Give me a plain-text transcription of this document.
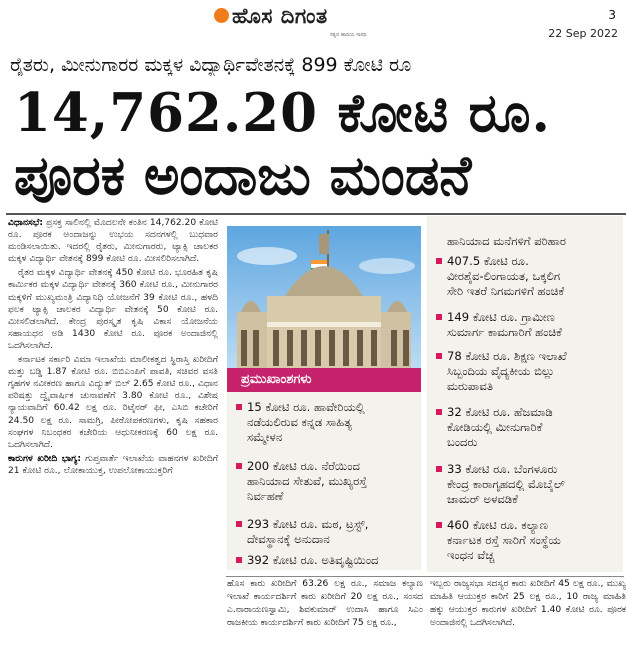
ಹೊಸ ದಿಗಂತ
ಸತ್ಯದ ಹಾದಿಯ ಸಾರಥಿ
3
22 Sep 2022
ರೈತರು, ಮೀನುಗಾರರ ಮಕ್ಕಳ ವಿದ್ಯಾರ್ಥಿವೇತನಕ್ಕೆ 899 ಕೋಟಿ ರೂ
14,762.20 ಕೋಟಿ ರೂ.
ಪೂರಕ ಅಂದಾಜು ಮಂಡನೆ

ವಿಧಾನಸಭೆ: ಪ್ರಸಕ್ತ ಸಾಲಿನಲ್ಲಿ ಮೊದಲನೇ ಕಂತಿನ 14,762.20 ಕೋಟಿ ರೂ. ಪೂರಕ ಅಂದಾಜನ್ನು ಉಭಯ ಸದನಗಳಲ್ಲಿ ಬುಧವಾರ ಮಂಡಿಸಲಾಯಿತು. ಇದರಲ್ಲಿ ರೈತರು, ಮೀನುಗಾರರು, ಟ್ಯಾಕ್ಸಿ ಚಾಲಕರ ಮಕ್ಕಳ ವಿದ್ಯಾರ್ಥಿ ವೇತನಕ್ಕೆ 899 ಕೋಟಿ ರೂ. ಮೀಸಲಿರಿಸಲಾಗಿದೆ.

ರೈತರ ಮಕ್ಕಳ ವಿದ್ಯಾರ್ಥಿ ವೇತನಕ್ಕೆ 450 ಕೋಟಿ ರೂ. ಭೂರಹಿತ ಕೃಷಿ ಕಾರ್ಮಿಕರ ಮಕ್ಕಳ ವಿದ್ಯಾರ್ಥಿ ವೇತನಕ್ಕೆ 360 ಕೋಟಿ ರೂ., ಮೀನುಗಾರರ ಮಕ್ಕಳಿಗೆ ಮುಖ್ಯಮಂತ್ರಿ ವಿದ್ಯಾನಿಧಿ ಯೋಜನೆಗೆ 39 ಕೋಟಿ ರೂ., ಹಳದಿ ಫಲಕ ಟ್ಯಾಕ್ಸಿ ಚಾಲಕರ ವಿದ್ಯಾರ್ಥಿ ವೇತನಕ್ಕೆ 50 ಕೋಟಿ ರೂ. ಮೀಸಲಿಡಲಾಗಿದೆ. ಕೇಂದ್ರ ಪುರಸ್ಕೃತ ಕೃಷಿ ವಿಕಾಸ ಯೋಜನೆಯ ಸಹಾಯಧನ ಅಡಿ 1430 ಕೋಟಿ ರೂ. ಪೂರಕ ಅಂದಾಜಿನಲ್ಲಿ ಒದಗಿಸಲಾಗಿದೆ.

ಕರ್ನಾಟಕ ಸರ್ಕಾರಿ ವಿಮಾ ಇಲಾಖೆಯ ಮಾಲೀಕತ್ವದ ಸ್ಥಿರಾಸ್ತಿ ಖರೀದಿಗೆ ಮತ್ತು ಬಡ್ಡಿ 1.87 ಕೋಟಿ ರೂ. ಬಿಬಿಎಂಪಿಗೆ ಪಾವತಿ, ಸಚಿವರ ವಸತಿ ಗೃಹಗಳ ನವೀಕರಣ ಹಾಗೂ ವಿದ್ಯುತ್ ಬಿಲ್ 2.65 ಕೋಟಿ ರೂ., ವಿಧಾನ ಪರಿಷತ್ತು ದ್ವೈವಾರ್ಷಿಕ ಚುನಾವಣೆಗೆ 3.80 ಕೋಟಿ ರೂ., ವಿಶೇಷ ನ್ಯಾಯವಾದಿಗೆ 60.42 ಲಕ್ಷ ರೂ. ರಿಟೈನರ್ ಫೀ, ಎಸಿಬಿ ಕಚೇರಿಗೆ 24.50 ಲಕ್ಷ ರೂ. ಸಾಮಗ್ರಿ, ಪೀಠೋಪಕರಣಗಳು, ಕೃಷಿ ಸಹಕಾರ ಸಂಘಗಳ ನಿಬಂಧಕರ ಕಚೇರಿಯ ಆಧುನೀಕರಣಕ್ಕೆ 60 ಲಕ್ಷ ರೂ. ಒದಗಿಸಲಾಗಿದೆ.

ಕಾರುಗಳ ಖರೀದಿ ಭಾಗ್ಯ: ಗುಪ್ತವಾರ್ತೆ ಇಲಾಖೆಯ ವಾಹನಗಳ ಖರೀದಿಗೆ 21 ಕೋಟಿ ರೂ., ಲೋಕಾಯುಕ್ತ, ಉಪಲೋಕಾಯುಕ್ತರಿಗೆ

ಪ್ರಮುಖಾಂಶಗಳು
15 ಕೋಟಿ ರೂ. ಹಾವೇರಿಯಲ್ಲಿ
ನಡೆಯಲಿರುವ ಕನ್ನಡ ಸಾಹಿತ್ಯ
ಸಮ್ಮೇಳನ
200 ಕೋಟಿ ರೂ. ನೆರೆಯಿಂದ
ಹಾನಿಯಾದ ಸೇತುವೆ, ಮುಖ್ಯರಸ್ತೆ
ನಿರ್ವಹಣೆ
293 ಕೋಟಿ ರೂ. ಮಠ, ಟ್ರಸ್ಟ್,
ದೇವಸ್ಥಾನಕ್ಕೆ ಅನುದಾನ
392 ಕೋಟಿ ರೂ. ಅತಿವೃಷ್ಟಿಯಿಂದ
ಹಾನಿಯಾದ ಮನೆಗಳಿಗೆ ಪರಿಹಾರ
407.5 ಕೋಟಿ ರೂ.
ವೀರಶೈವ-ಲಿಂಗಾಯತ, ಒಕ್ಕಲಿಗ
ಸೇರಿ ಇತರೆ ನಿಗಮಗಳಿಗೆ ಹಂಚಿಕೆ
149 ಕೋಟಿ ರೂ. ಗ್ರಾಮೀಣ
ಸುಮಾರ್ಗ ಕಾಮಗಾರಿಗೆ ಹಂಚಿಕೆ
78 ಕೋಟಿ ರೂ. ಶಿಕ್ಷಣ ಇಲಾಖೆ
ಸಿಬ್ಬಂದಿಯ ವೈದ್ಯಕೀಯ ಬಿಲ್ಲು
ಮರುಪಾವತಿ
32 ಕೋಟಿ ರೂ. ಹೆಜಮಾಡಿ
ಕೋಡಿಯಲ್ಲಿ ಮೀನುಗಾರಿಕೆ
ಬಂದರು
33 ಕೋಟಿ ರೂ. ಬೆಂಗಳೂರು
ಕೇಂದ್ರ ಕಾರಾಗೃಹದಲ್ಲಿ ಮೊಬೈಲ್
ಜಾಮರ್ ಅಳವಡಿಕೆ
460 ಕೋಟಿ ರೂ. ಕಲ್ಯಾಣ
ಕರ್ನಾಟಕ ರಸ್ತೆ ಸಾರಿಗೆ ಸಂಸ್ಥೆಯ
ಇಂಧನ ವೆಚ್ಚ
ಹೊಸ ಕಾರು ಖರೀದಿಗೆ 63.26 ಲಕ್ಷ ರೂ., ಸಮಾಜ ಕಲ್ಯಾಣ ಇಲಾಖೆ ಕಾರ್ಯದರ್ಶಿಗೆ ಕಾರು ಖರೀದಿಗೆ 20 ಲಕ್ಷ ರೂ., ಸಂಸದ ಎ.ನಾರಾಯಣಸ್ವಾಮಿ, ಶಿವಕುಮಾರ್ ಉದಾಸಿ ಹಾಗೂ ಸಿಎಂ ರಾಜಕೀಯ ಕಾರ್ಯದರ್ಶಿಗೆ ಕಾರು ಖರೀದಿಗೆ 75 ಲಕ್ಷ ರೂ.,
ಇಬ್ಬರು ರಾಜ್ಯಸಭಾ ಸದಸ್ಯರ ಕಾರು ಖರೀದಿಗೆ 45 ಲಕ್ಷ ರೂ., ಮುಖ್ಯ ಮಾಹಿತಿ ಆಯುಕ್ತರ ಕಾರಿಗೆ 25 ಲಕ್ಷ ರೂ., 10 ರಾಜ್ಯ ಮಾಹಿತಿ ಹಕ್ಕು ಆಯುಕ್ತರ ಕಾರುಗಳ ಖರೀದಿಗೆ 1.40 ಕೋಟಿ ರೂ. ಪೂರಕ ಅಂದಾಜಿನಲ್ಲಿ ಒದಗಿಸಲಾಗಿದೆ.
